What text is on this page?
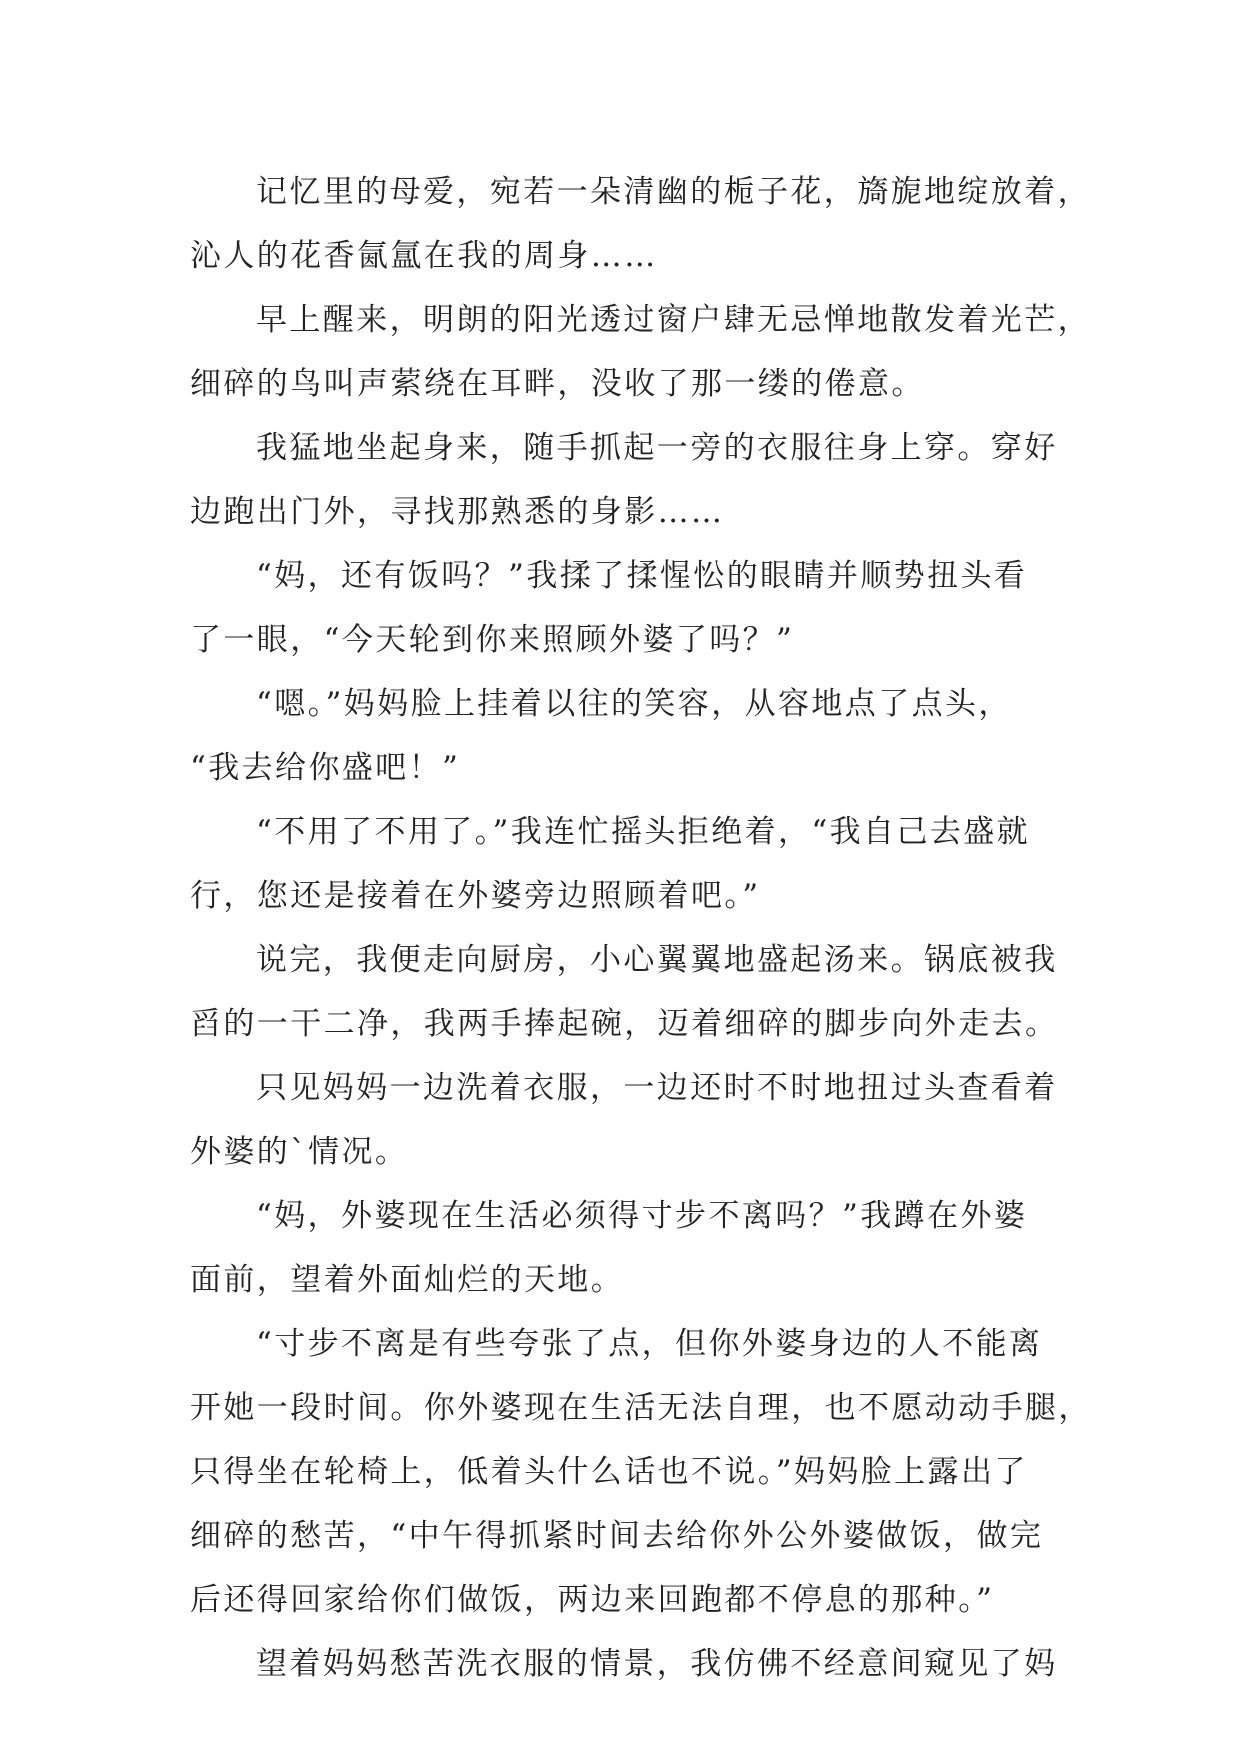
记忆里的母爱，宛若一朵清幽的栀子花，旖旎地绽放着，
沁人的花香氤氲在我的周身……

早上醒来，明朗的阳光透过窗户肆无忌惮地散发着光芒，
细碎的鸟叫声萦绕在耳畔，没收了那一缕的倦意。

我猛地坐起身来，随手抓起一旁的衣服往身上穿。穿好
边跑出门外，寻找那熟悉的身影……

“妈，还有饭吗？”我揉了揉惺忪的眼睛并顺势扭头看
了一眼，“今天轮到你来照顾外婆了吗？”

“嗯。”妈妈脸上挂着以往的笑容，从容地点了点头，
“我去给你盛吧！”

“不用了不用了。”我连忙摇头拒绝着，“我自己去盛就
行，您还是接着在外婆旁边照顾着吧。”

说完，我便走向厨房，小心翼翼地盛起汤来。锅底被我
舀的一干二净，我两手捧起碗，迈着细碎的脚步向外走去。

只见妈妈一边洗着衣服，一边还时不时地扭过头查看着
外婆的`情况。

“妈，外婆现在生活必须得寸步不离吗？”我蹲在外婆
面前，望着外面灿烂的天地。

“寸步不离是有些夸张了点，但你外婆身边的人不能离
开她一段时间。你外婆现在生活无法自理，也不愿动动手腿，
只得坐在轮椅上，低着头什么话也不说。”妈妈脸上露出了
细碎的愁苦，“中午得抓紧时间去给你外公外婆做饭，做完
后还得回家给你们做饭，两边来回跑都不停息的那种。”

望着妈妈愁苦洗衣服的情景，我仿佛不经意间窥见了妈
